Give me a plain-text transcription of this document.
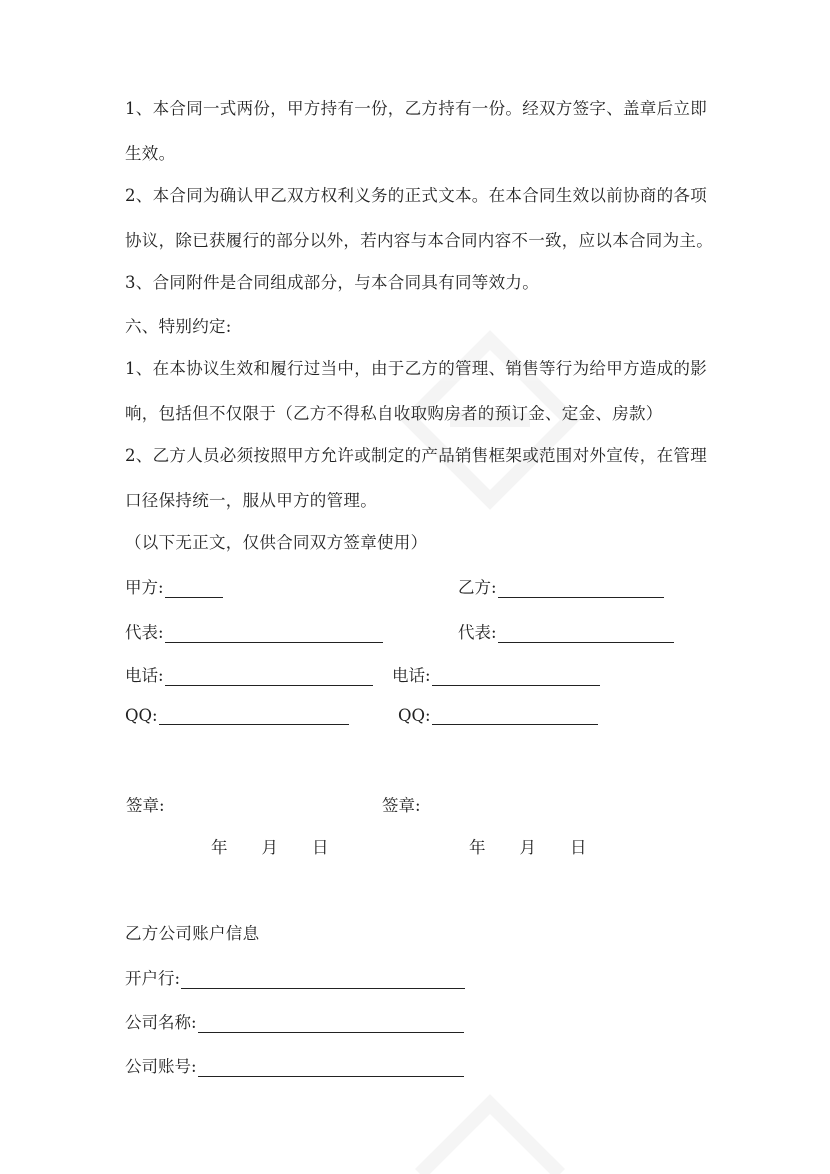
1、本合同一式两份，甲方持有一份，乙方持有一份。经双方签字、盖章后立即

生效。

2、本合同为确认甲乙双方权利义务的正式文本。在本合同生效以前协商的各项

协议，除已获履行的部分以外，若内容与本合同内容不一致，应以本合同为主。

3、合同附件是合同组成部分，与本合同具有同等效力。

六、特别约定:

1、在本协议生效和履行过当中，由于乙方的管理、销售等行为给甲方造成的影

响，包括但不仅限于（乙方不得私自收取购房者的预订金、定金、房款）

2、乙方人员必须按照甲方允许或制定的产品销售框架或范围对外宣传，在管理

口径保持统一，服从甲方的管理。

（以下无正文，仅供合同双方签章使用）

甲方:
代表:
电话:
QQ:
乙方:
代表:
电话:
QQ:
签章:	签章:
年 月 日	年 月 日

乙方公司账户信息

开户行:
公司名称:
公司账号:
